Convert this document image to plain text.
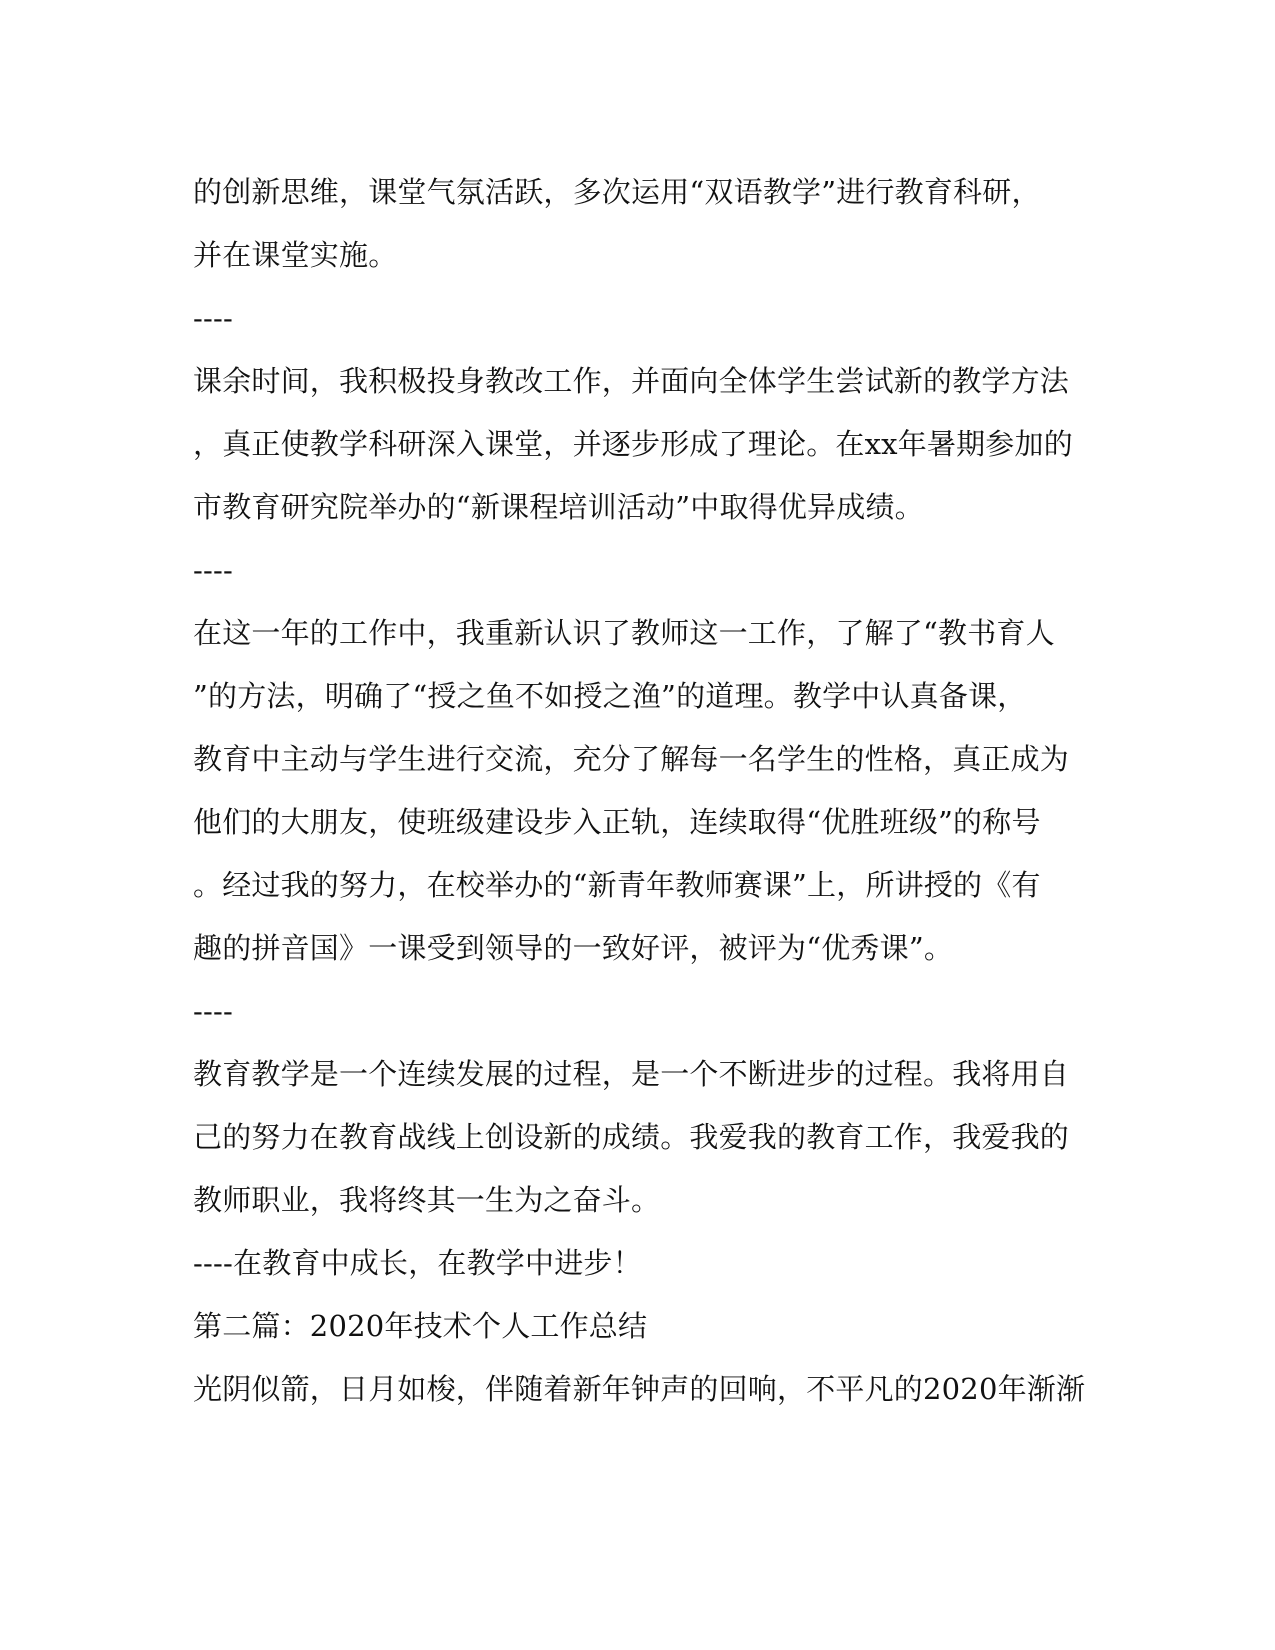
的创新思维，课堂气氛活跃，多次运用“双语教学”进行教育科研，
并在课堂实施。
----
课余时间，我积极投身教改工作，并面向全体学生尝试新的教学方法
，真正使教学科研深入课堂，并逐步形成了理论。在xx年暑期参加的
市教育研究院举办的“新课程培训活动”中取得优异成绩。
----
在这一年的工作中，我重新认识了教师这一工作，了解了“教书育人
”的方法，明确了“授之鱼不如授之渔”的道理。教学中认真备课，
教育中主动与学生进行交流，充分了解每一名学生的性格，真正成为
他们的大朋友，使班级建设步入正轨，连续取得“优胜班级”的称号
。经过我的努力，在校举办的“新青年教师赛课”上，所讲授的《有
趣的拼音国》一课受到领导的一致好评，被评为“优秀课”。
----
教育教学是一个连续发展的过程，是一个不断进步的过程。我将用自
己的努力在教育战线上创设新的成绩。我爱我的教育工作，我爱我的
教师职业，我将终其一生为之奋斗。
----在教育中成长，在教学中进步！
第二篇：2020年技术个人工作总结
光阴似箭，日月如梭，伴随着新年钟声的回响，不平凡的2020年渐渐
